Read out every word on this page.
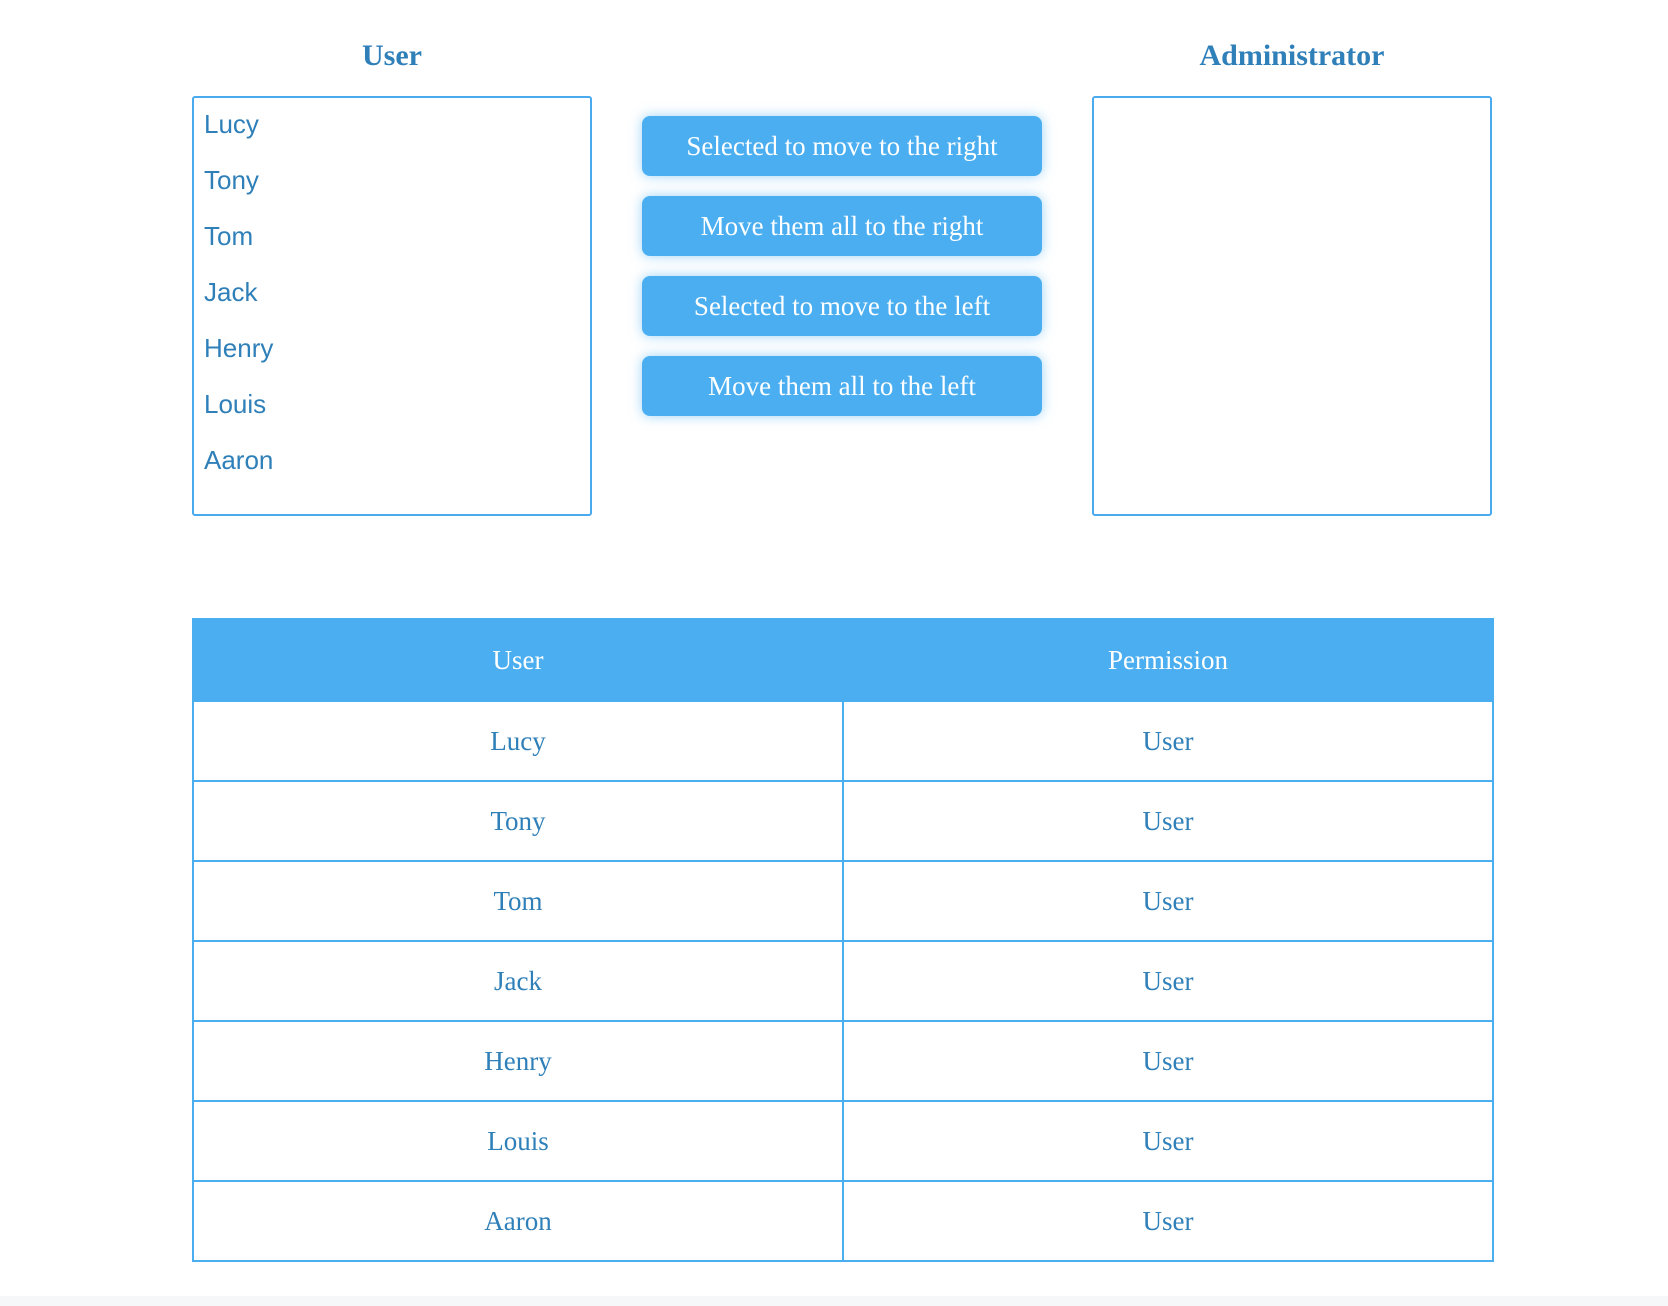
User	Administrator
Lucy
Tony
Tom
Jack
Henry
Louis
Aaron
Selected to move to the right
Move them all to the right
Selected to move to the left
Move them all to the left
User	Permission
Lucy	User
Tony	User
Tom	User
Jack	User
Henry	User
Louis	User
Aaron	User
